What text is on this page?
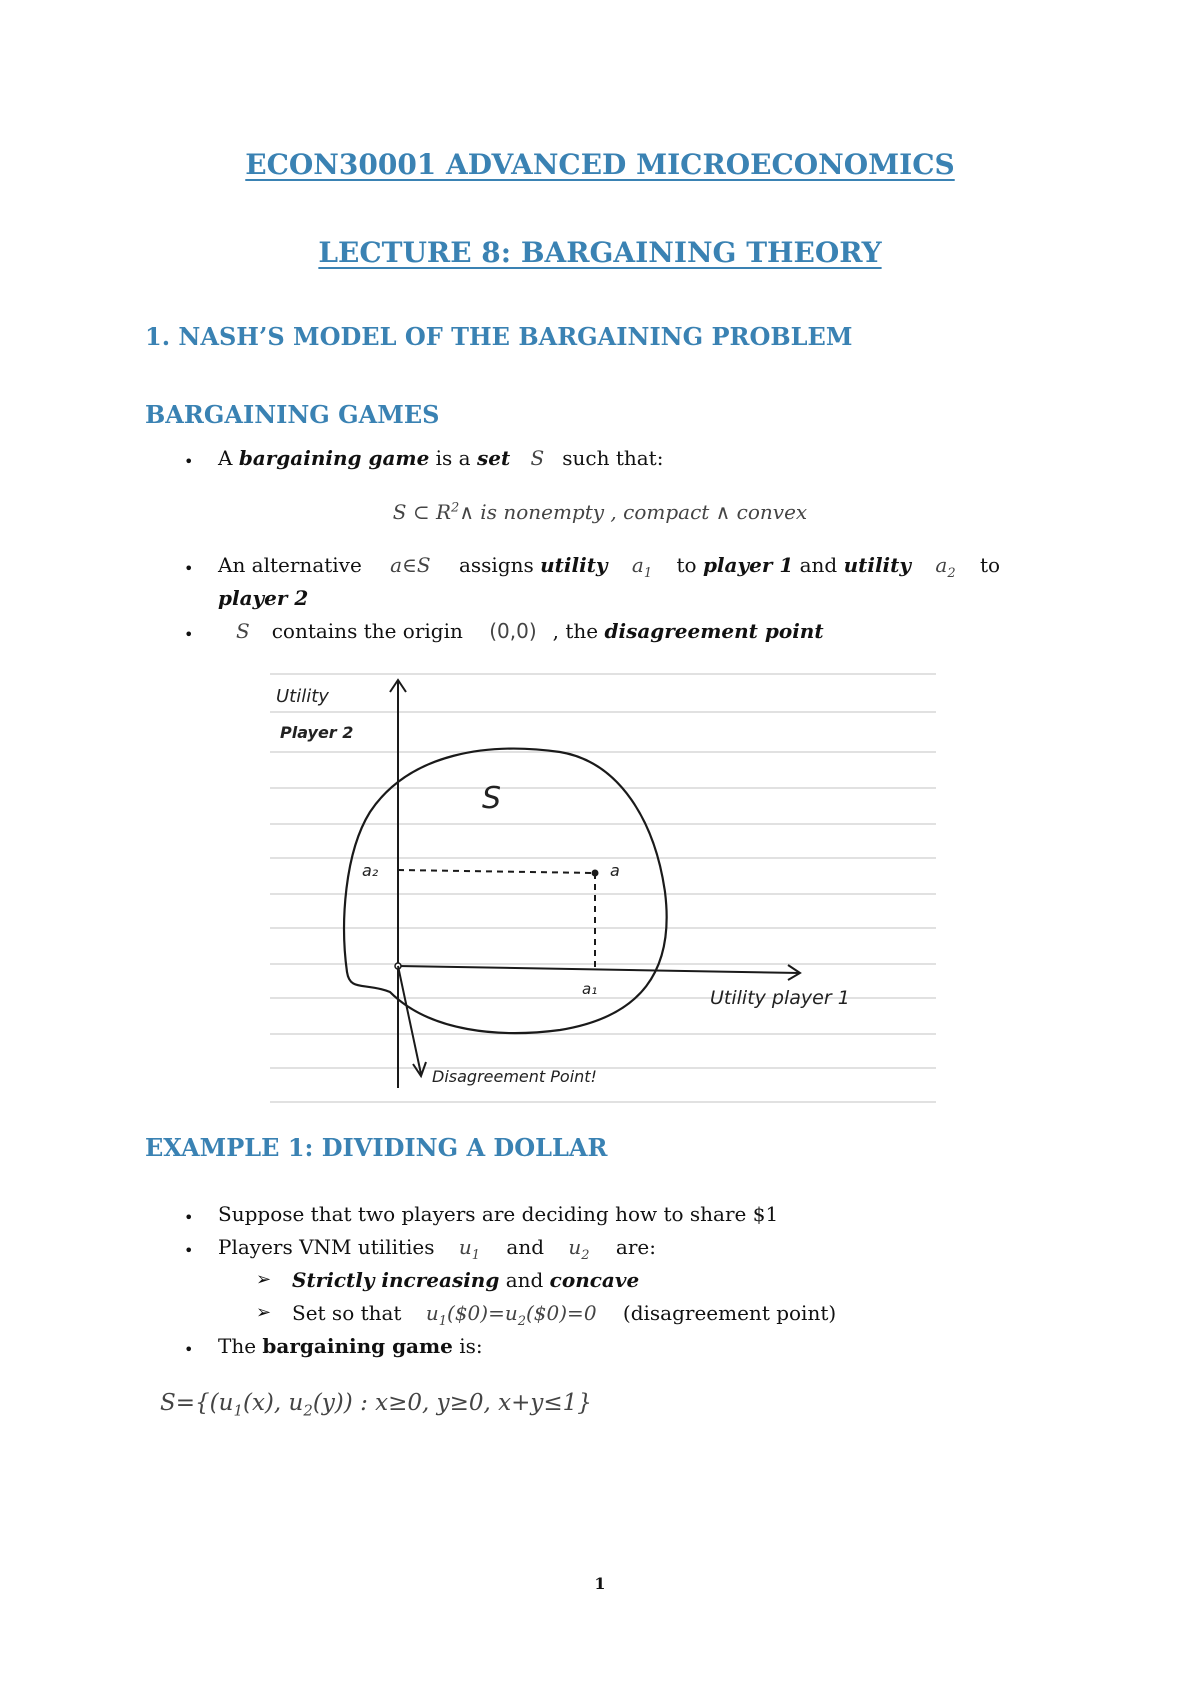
ECON30001 ADVANCED MICROECONOMICS
LECTURE 8: BARGAINING THEORY
1. NASH’S MODEL OF THE BARGAINING PROBLEM
BARGAINING GAMES
• A bargaining game is a set S such that:
S ⊂ $R^2\wedge$ is nonempty , compact ∧ convex
• An alternative a∈S assigns utility $a_1$ to player 1 and utility $a_2$ to
player 2
•	S contains the origin (0,0) , the disagreement point
Utility
Player 2
S
a₂	a
a₁	Utility player 1
Disagreement Point!
EXAMPLE 1: DIVIDING A DOLLAR
• Suppose that two players are deciding how to share $1
• Players VNM utilities $u_1$ and $u_2$ are:
➢ Strictly increasing and concave
➢ Set so that $u_1(\$0)=u_2(\$0)=0$ (disagreement point)
• The bargaining game is:
$S=\{(u_1(x)$, $u_2(y)$) : x≥0, y≥0, x+y≤1}
1
